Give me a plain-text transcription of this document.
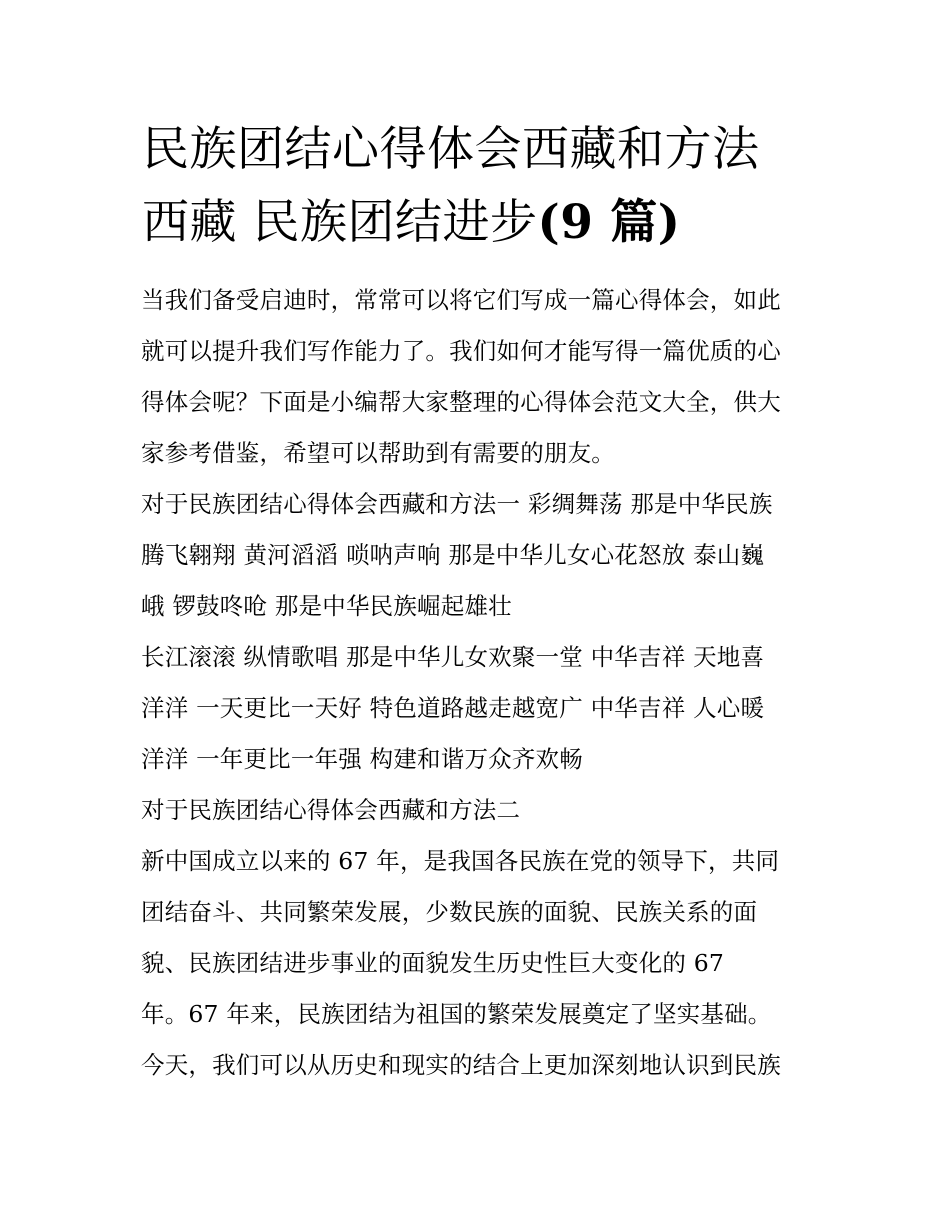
民族团结心得体会西藏和方法
西藏 民族团结进步(9 篇)
当我们备受启迪时，常常可以将它们写成一篇心得体会，如此
就可以提升我们写作能力了。我们如何才能写得一篇优质的心
得体会呢？下面是小编帮大家整理的心得体会范文大全，供大
家参考借鉴，希望可以帮助到有需要的朋友。
对于民族团结心得体会西藏和方法一 彩绸舞荡 那是中华民族
腾飞翱翔 黄河滔滔 唢呐声响 那是中华儿女心花怒放 泰山巍
峨 锣鼓咚呛 那是中华民族崛起雄壮
长江滚滚 纵情歌唱 那是中华儿女欢聚一堂 中华吉祥 天地喜
洋洋 一天更比一天好 特色道路越走越宽广 中华吉祥 人心暖
洋洋 一年更比一年强 构建和谐万众齐欢畅
对于民族团结心得体会西藏和方法二
新中国成立以来的 67 年，是我国各民族在党的领导下，共同
团结奋斗、共同繁荣发展，少数民族的面貌、民族关系的面
貌、民族团结进步事业的面貌发生历史性巨大变化的 67
年。67 年来，民族团结为祖国的繁荣发展奠定了坚实基础。
今天，我们可以从历史和现实的结合上更加深刻地认识到民族
